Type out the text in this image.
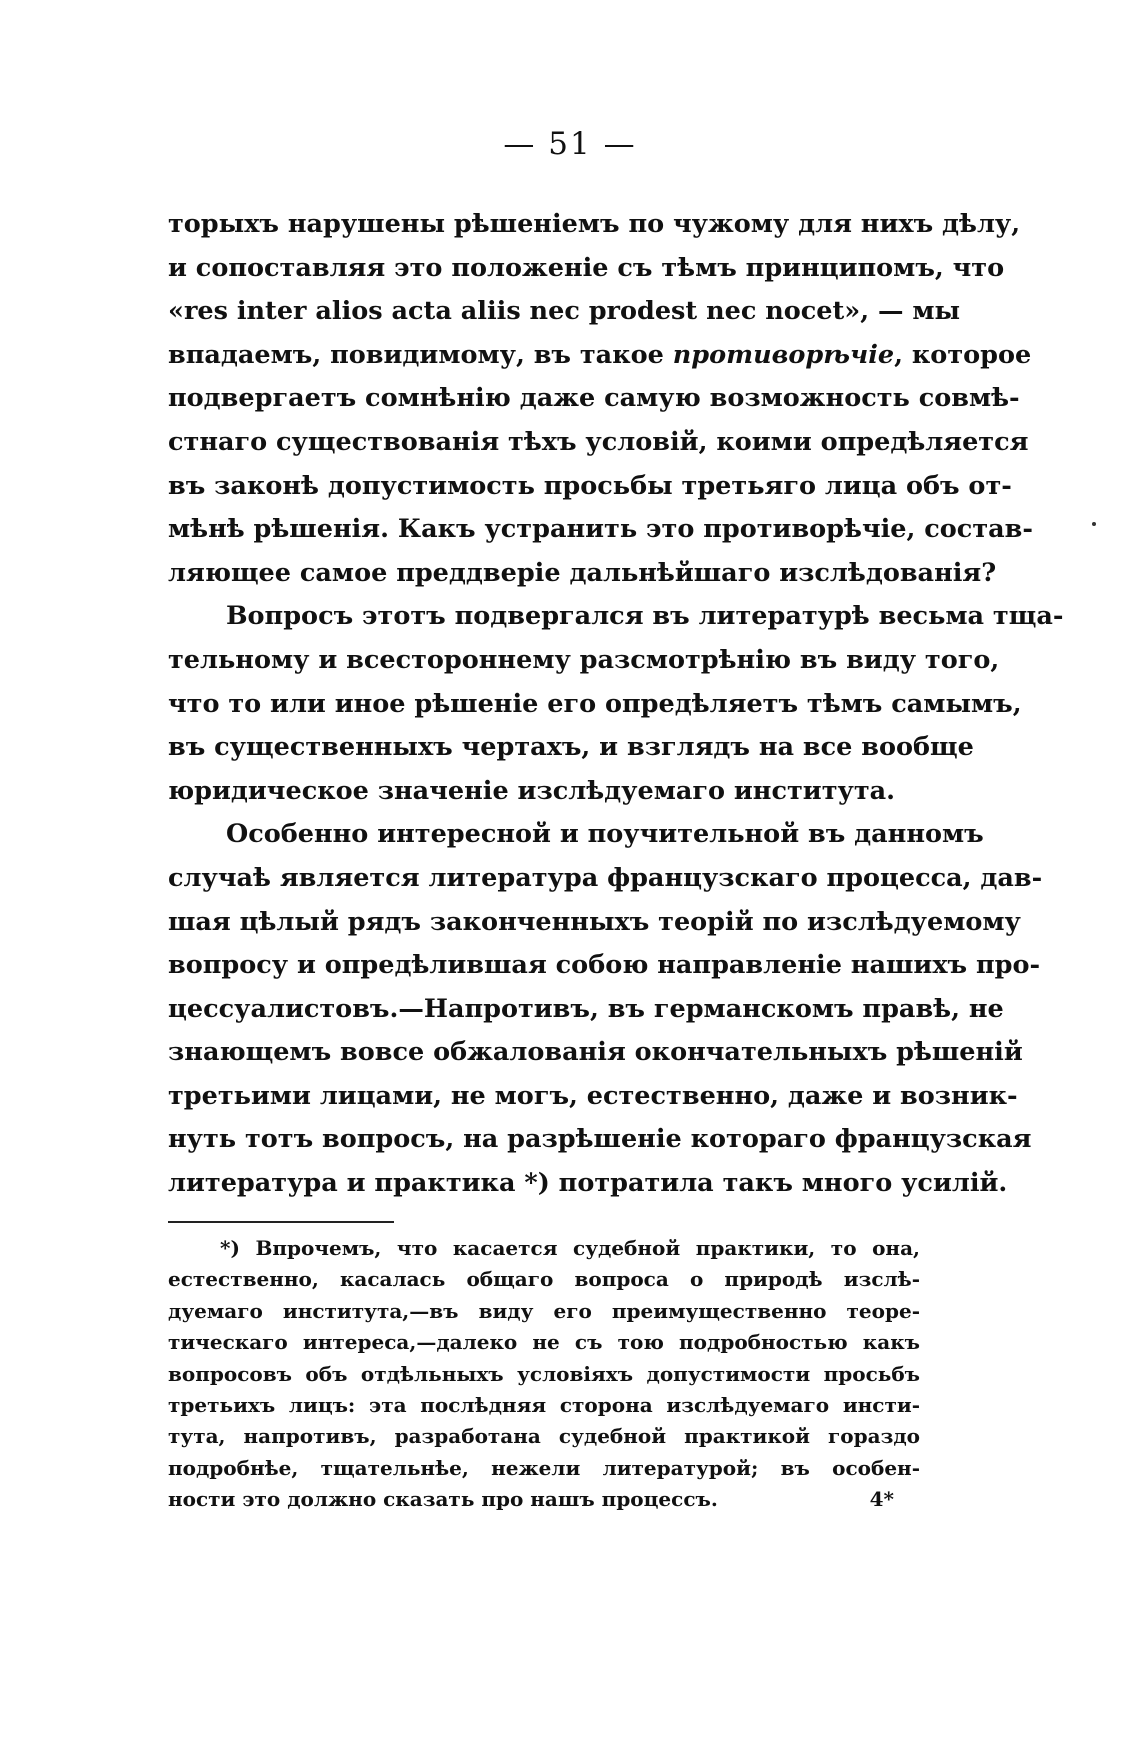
— 51 —
торыхъ нарушены рѣшеніемъ по чужому для нихъ дѣлу,
и сопоставляя это положеніе съ тѣмъ принципомъ, что
«res inter alios acta aliis nec prodest nec nocet», — мы
впадаемъ, повидимому, въ такое противорѣчіе, которое
подвергаетъ сомнѣнію даже самую возможность совмѣ-
стнаго существованія тѣхъ условій, коими опредѣляется
въ законѣ допустимость просьбы третьяго лица объ от-
мѣнѣ рѣшенія. Какъ устранить это противорѣчіе, состав-
ляющее самое преддверіе дальнѣйшаго изслѣдованія?
Вопросъ этотъ подвергался въ литературѣ весьма тща-
тельному и всестороннему разсмотрѣнію въ виду того,
что то или иное рѣшеніе его опредѣляетъ тѣмъ самымъ,
въ существенныхъ чертахъ, и взглядъ на все вообще
юридическое значеніе изслѣдуемаго института.
Особенно интересной и поучительной въ данномъ
случаѣ является литература французскаго процесса, дав-
шая цѣлый рядъ законченныхъ теорій по изслѣдуемому
вопросу и опредѣлившая собою направленіе нашихъ про-
цессуалистовъ.—Напротивъ, въ германскомъ правѣ, не
знающемъ вовсе обжалованія окончательныхъ рѣшеній
третьими лицами, не могъ, естественно, даже и возник-
нуть тотъ вопросъ, на разрѣшеніе котораго французская
литература и практика *) потратила такъ много усилій.
*) Впрочемъ, что касается судебной практики, то она,
естественно, касалась общаго вопроса о природѣ изслѣ-
дуемаго института,—въ виду его преимущественно теоре-
тическаго интереса,—далеко не съ тою подробностью какъ
вопросовъ объ отдѣльныхъ условіяхъ допустимости просьбъ
третьихъ лицъ: эта послѣдняя сторона изслѣдуемаго инсти-
тута, напротивъ, разработана судебной практикой гораздо
подробнѣе, тщательнѣе, нежели литературой; въ особен-
ности это должно сказать про нашъ процессъ.	4*
